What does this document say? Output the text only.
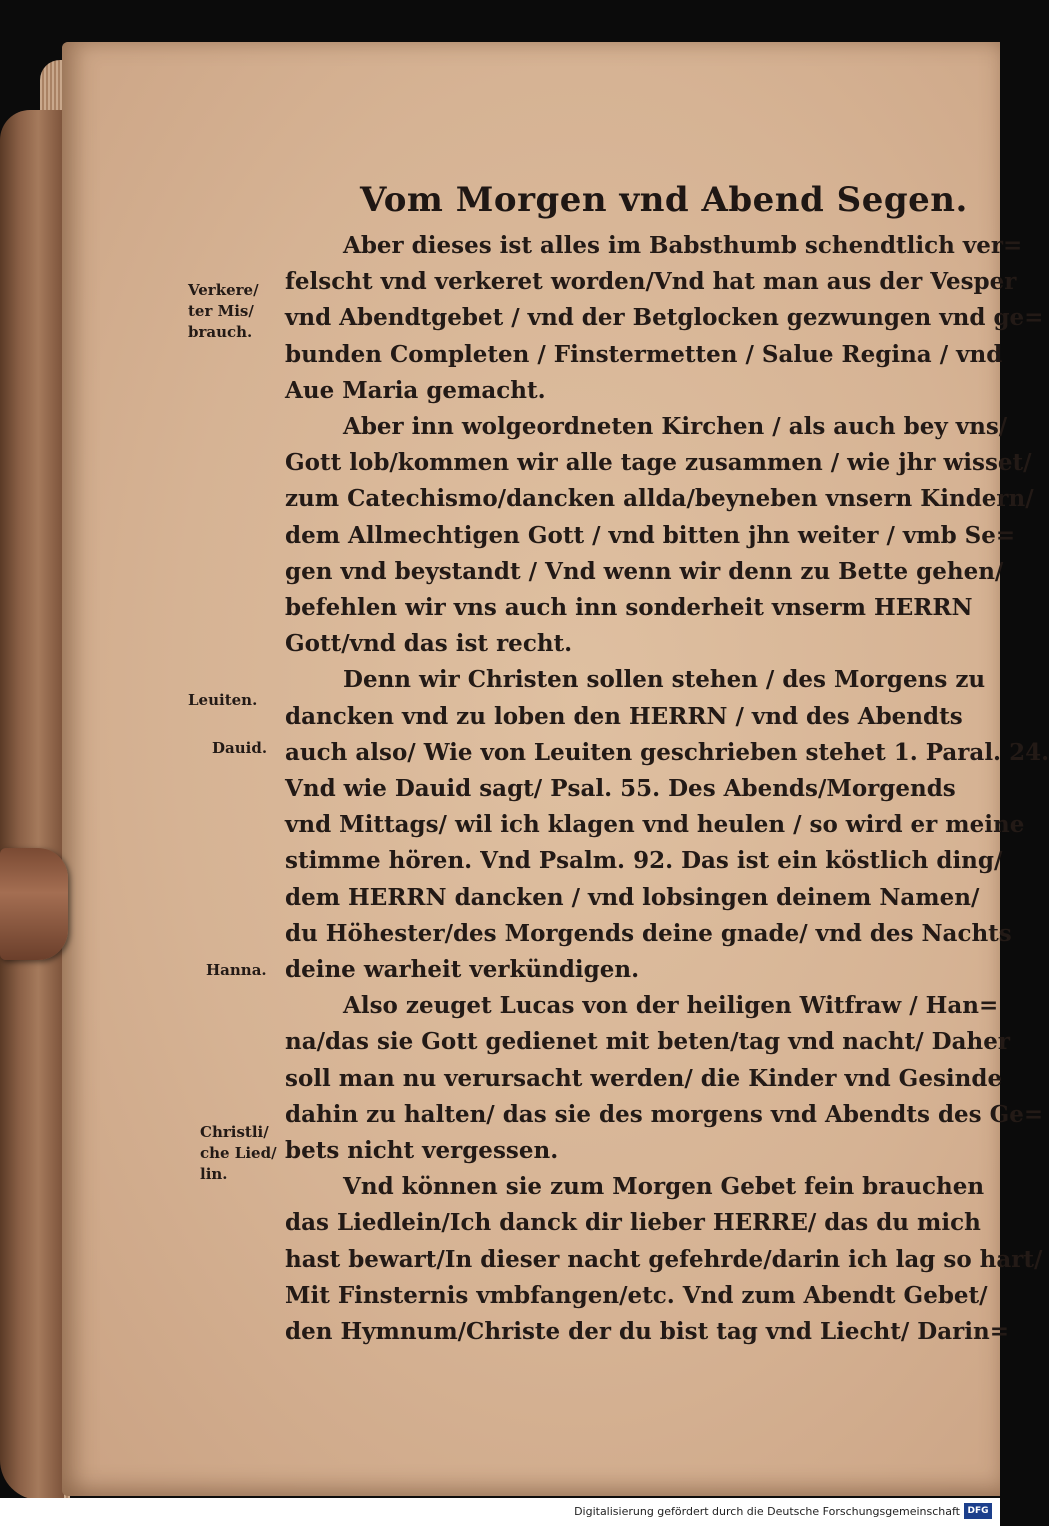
Vom Morgen vnd Abend Segen.
Aber dieses ist alles im Babsthumb schendtlich ver=
felscht vnd verkeret worden/Vnd hat man aus der Vesper
vnd Abendtgebet / vnd der Betglocken gezwungen vnd ge=
bunden Completen / Finstermetten / Salue Regina / vnd
Aue Maria gemacht.
Aber inn wolgeordneten Kirchen / als auch bey vns/
Gott lob/kommen wir alle tage zusammen / wie jhr wisset/
zum Catechismo/dancken allda/beyneben vnsern Kindern/
dem Allmechtigen Gott / vnd bitten jhn weiter / vmb Se=
gen vnd beystandt / Vnd wenn wir denn zu Bette gehen/
befehlen wir vns auch inn sonderheit vnserm HERRN
Gott/vnd das ist recht.
Denn wir Christen sollen stehen / des Morgens zu
dancken vnd zu loben den HERRN / vnd des Abendts
auch also/ Wie von Leuiten geschrieben stehet 1. Paral. 24.
Vnd wie Dauid sagt/ Psal. 55. Des Abends/Morgends
vnd Mittags/ wil ich klagen vnd heulen / so wird er meine
stimme hören. Vnd Psalm. 92. Das ist ein köstlich ding/
dem HERRN dancken / vnd lobsingen deinem Namen/
du Höhester/des Morgends deine gnade/ vnd des Nachts
deine warheit verkündigen.
Also zeuget Lucas von der heiligen Witfraw / Han=
na/das sie Gott gedienet mit beten/tag vnd nacht/ Daher
soll man nu verursacht werden/ die Kinder vnd Gesinde
dahin zu halten/ das sie des morgens vnd Abendts des Ge=
bets nicht vergessen.
Vnd können sie zum Morgen Gebet fein brauchen
das Liedlein/Ich danck dir lieber HERRE/ das du mich
hast bewart/In dieser nacht gefehrde/darin ich lag so hart/
Mit Finsternis vmbfangen/etc. Vnd zum Abendt Gebet/
den Hymnum/Christe der du bist tag vnd Liecht/ Darin=
Verkere/
ter Mis/
brauch.
Leuiten.
Dauid.
Hanna.
Christli/
che Lied/
lin.
Digitalisierung gefördert durch die Deutsche Forschungsgemeinschaft DFG
